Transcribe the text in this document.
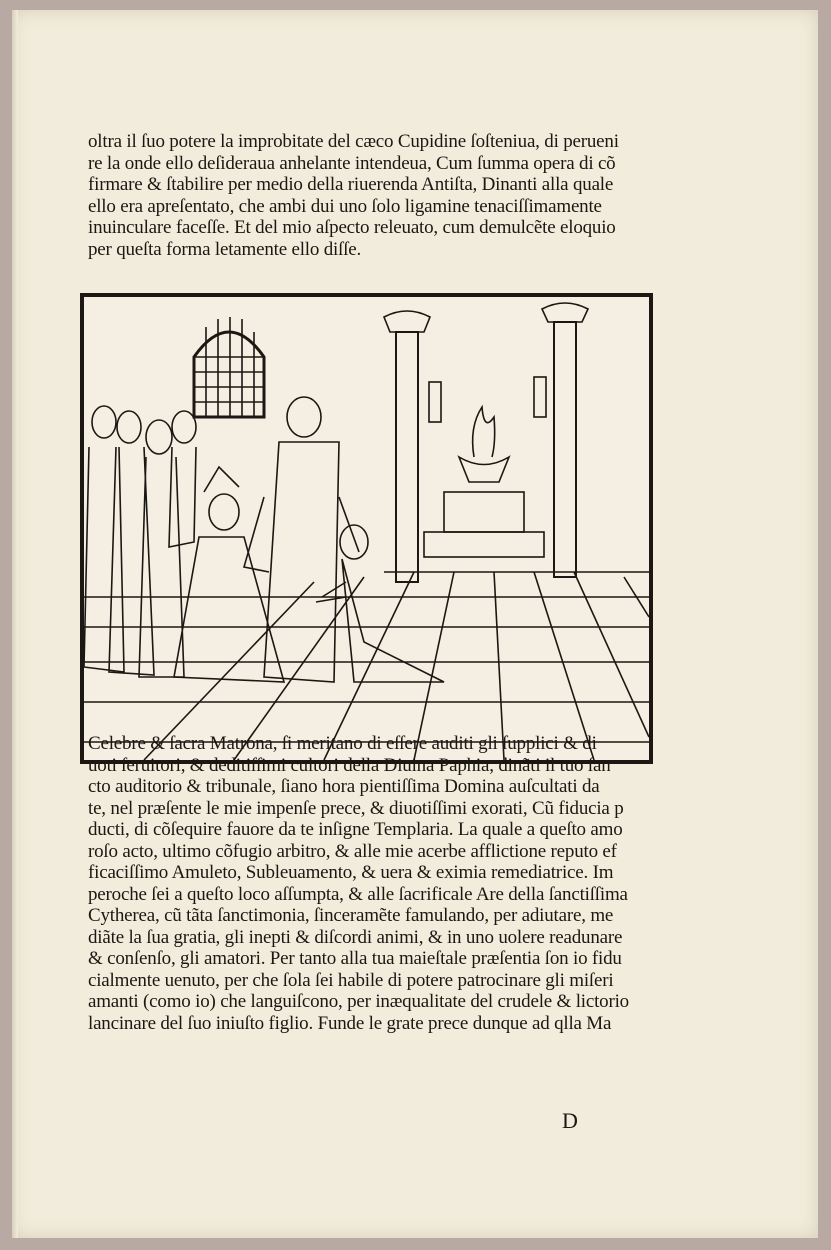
oltra il ſuo potere la improbitate del cæco Cupidine ſoſteniua, di perueni
re la onde ello deſideraua anhelante intendeua, Cum ſumma opera di cõ
firmare & ſtabilire per medio della riuerenda Antiſta, Dinanti alla quale
ello era apreſentato, che ambi dui uno ſolo ligamine tenaciſſimamente
inuinculare faceſſe. Et del mio aſpecto releuato, cum demulcẽte eloquio
per queſta forma letamente ello diſſe.
Celebre & ſacra Matrona, ſi meritano di eſſere auditi gli ſupplici & di
uoti ſeruitori, & deditiſſimi cultori della Diuina Paphia, dinãti il tuo ſan
cto auditorio & tribunale, ſiano hora pientiſſima Domina auſcultati da
te, nel præſente le mie impenſe prece, & diuotiſſimi exorati, Cũ fiducia p
ducti, di cõſequire fauore da te inſigne Templaria. La quale a queſto amo
roſo acto, ultimo cõfugio arbitro, & alle mie acerbe afflictione reputo ef
ficaciſſimo Amuleto, Subleuamento, & uera & eximia remediatrice. Im
peroche ſei a queſto loco aſſumpta, & alle ſacrificale Are della ſanctiſſima
Cytherea, cũ tãta ſanctimonia, ſinceramẽte famulando, per adiutare, me
diãte la ſua gratia, gli inepti & diſcordi animi, & in uno uolere readunare
& conſenſo, gli amatori. Per tanto alla tua maieſtale præſentia ſon io fidu
cialmente uenuto, per che ſola ſei habile di potere patrocinare gli miſeri
amanti (como io) che languiſcono, per inæqualitate del crudele & lictorio
lancinare del ſuo iniuſto figlio. Funde le grate prece dunque ad qlla Ma
D
